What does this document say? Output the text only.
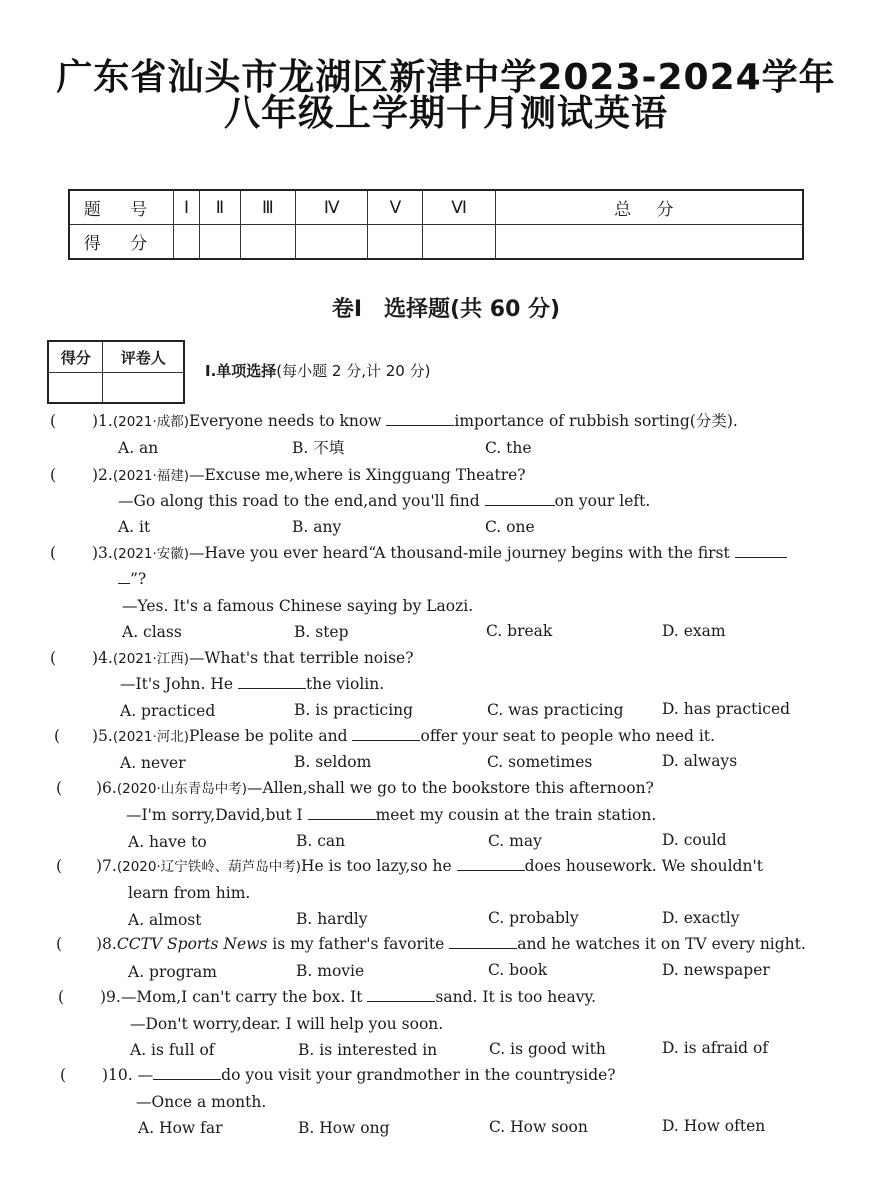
广东省汕头市龙湖区新津中学2023-2024学年
八年级上学期十月测试英语
题 号	Ⅰ	Ⅱ	Ⅲ	Ⅳ	Ⅴ	Ⅵ	总 分
得 分							
卷Ⅰ　选择题(共 60 分)
得分	评卷人

Ⅰ.单项选择(每小题 2 分,计 20 分)
( )1.(2021·成都)Everyone needs to know	importance of rubbish sorting(分类).
A. an	B. 不填	C. the
( )2.(2021·福建)—Excuse me,where is Xingguang Theatre?
—Go along this road to the end,and you'll find	on your left.
A. it	B. any	C. one
( )3.(2021·安徽)—Have you ever heard“A thousand-mile journey begins with the first
”?
—Yes. It's a famous Chinese saying by Laozi.
A. class	B. step	C. break	D. exam
( )4.(2021·江西)—What's that terrible noise?
—It's John. He	the violin.
A. practiced	B. is practicing	C. was practicing D. has practiced
( )5.(2021·河北)Please be polite and	offer your seat to people who need it.
A. never	B. seldom	C. sometimes	D. always
( )6.(2020·山东青岛中考)—Allen,shall we go to the bookstore this afternoon?
—I'm sorry,David,but I	meet my cousin at the train station.
A. have to	B. can	C. may	D. could
( )7.(2020·辽宁铁岭、葫芦岛中考)He is too lazy,so he	does housework. We shouldn't
learn from him.
A. almost	B. hardly	C. probably	D. exactly
( )8.CCTV Sports News is my father's favorite	and he watches it on TV every night.
A. program	B. movie	C. book	D. newspaper
( )9.—Mom,I can't carry the box. It	sand. It is too heavy.
—Don't worry,dear. I will help you soon.
A. is full of	B. is interested in	C. is good with	D. is afraid of
( )10. —	do you visit your grandmother in the countryside?
—Once a month.
A. How far	B. How ong	C. How soon	D. How often
